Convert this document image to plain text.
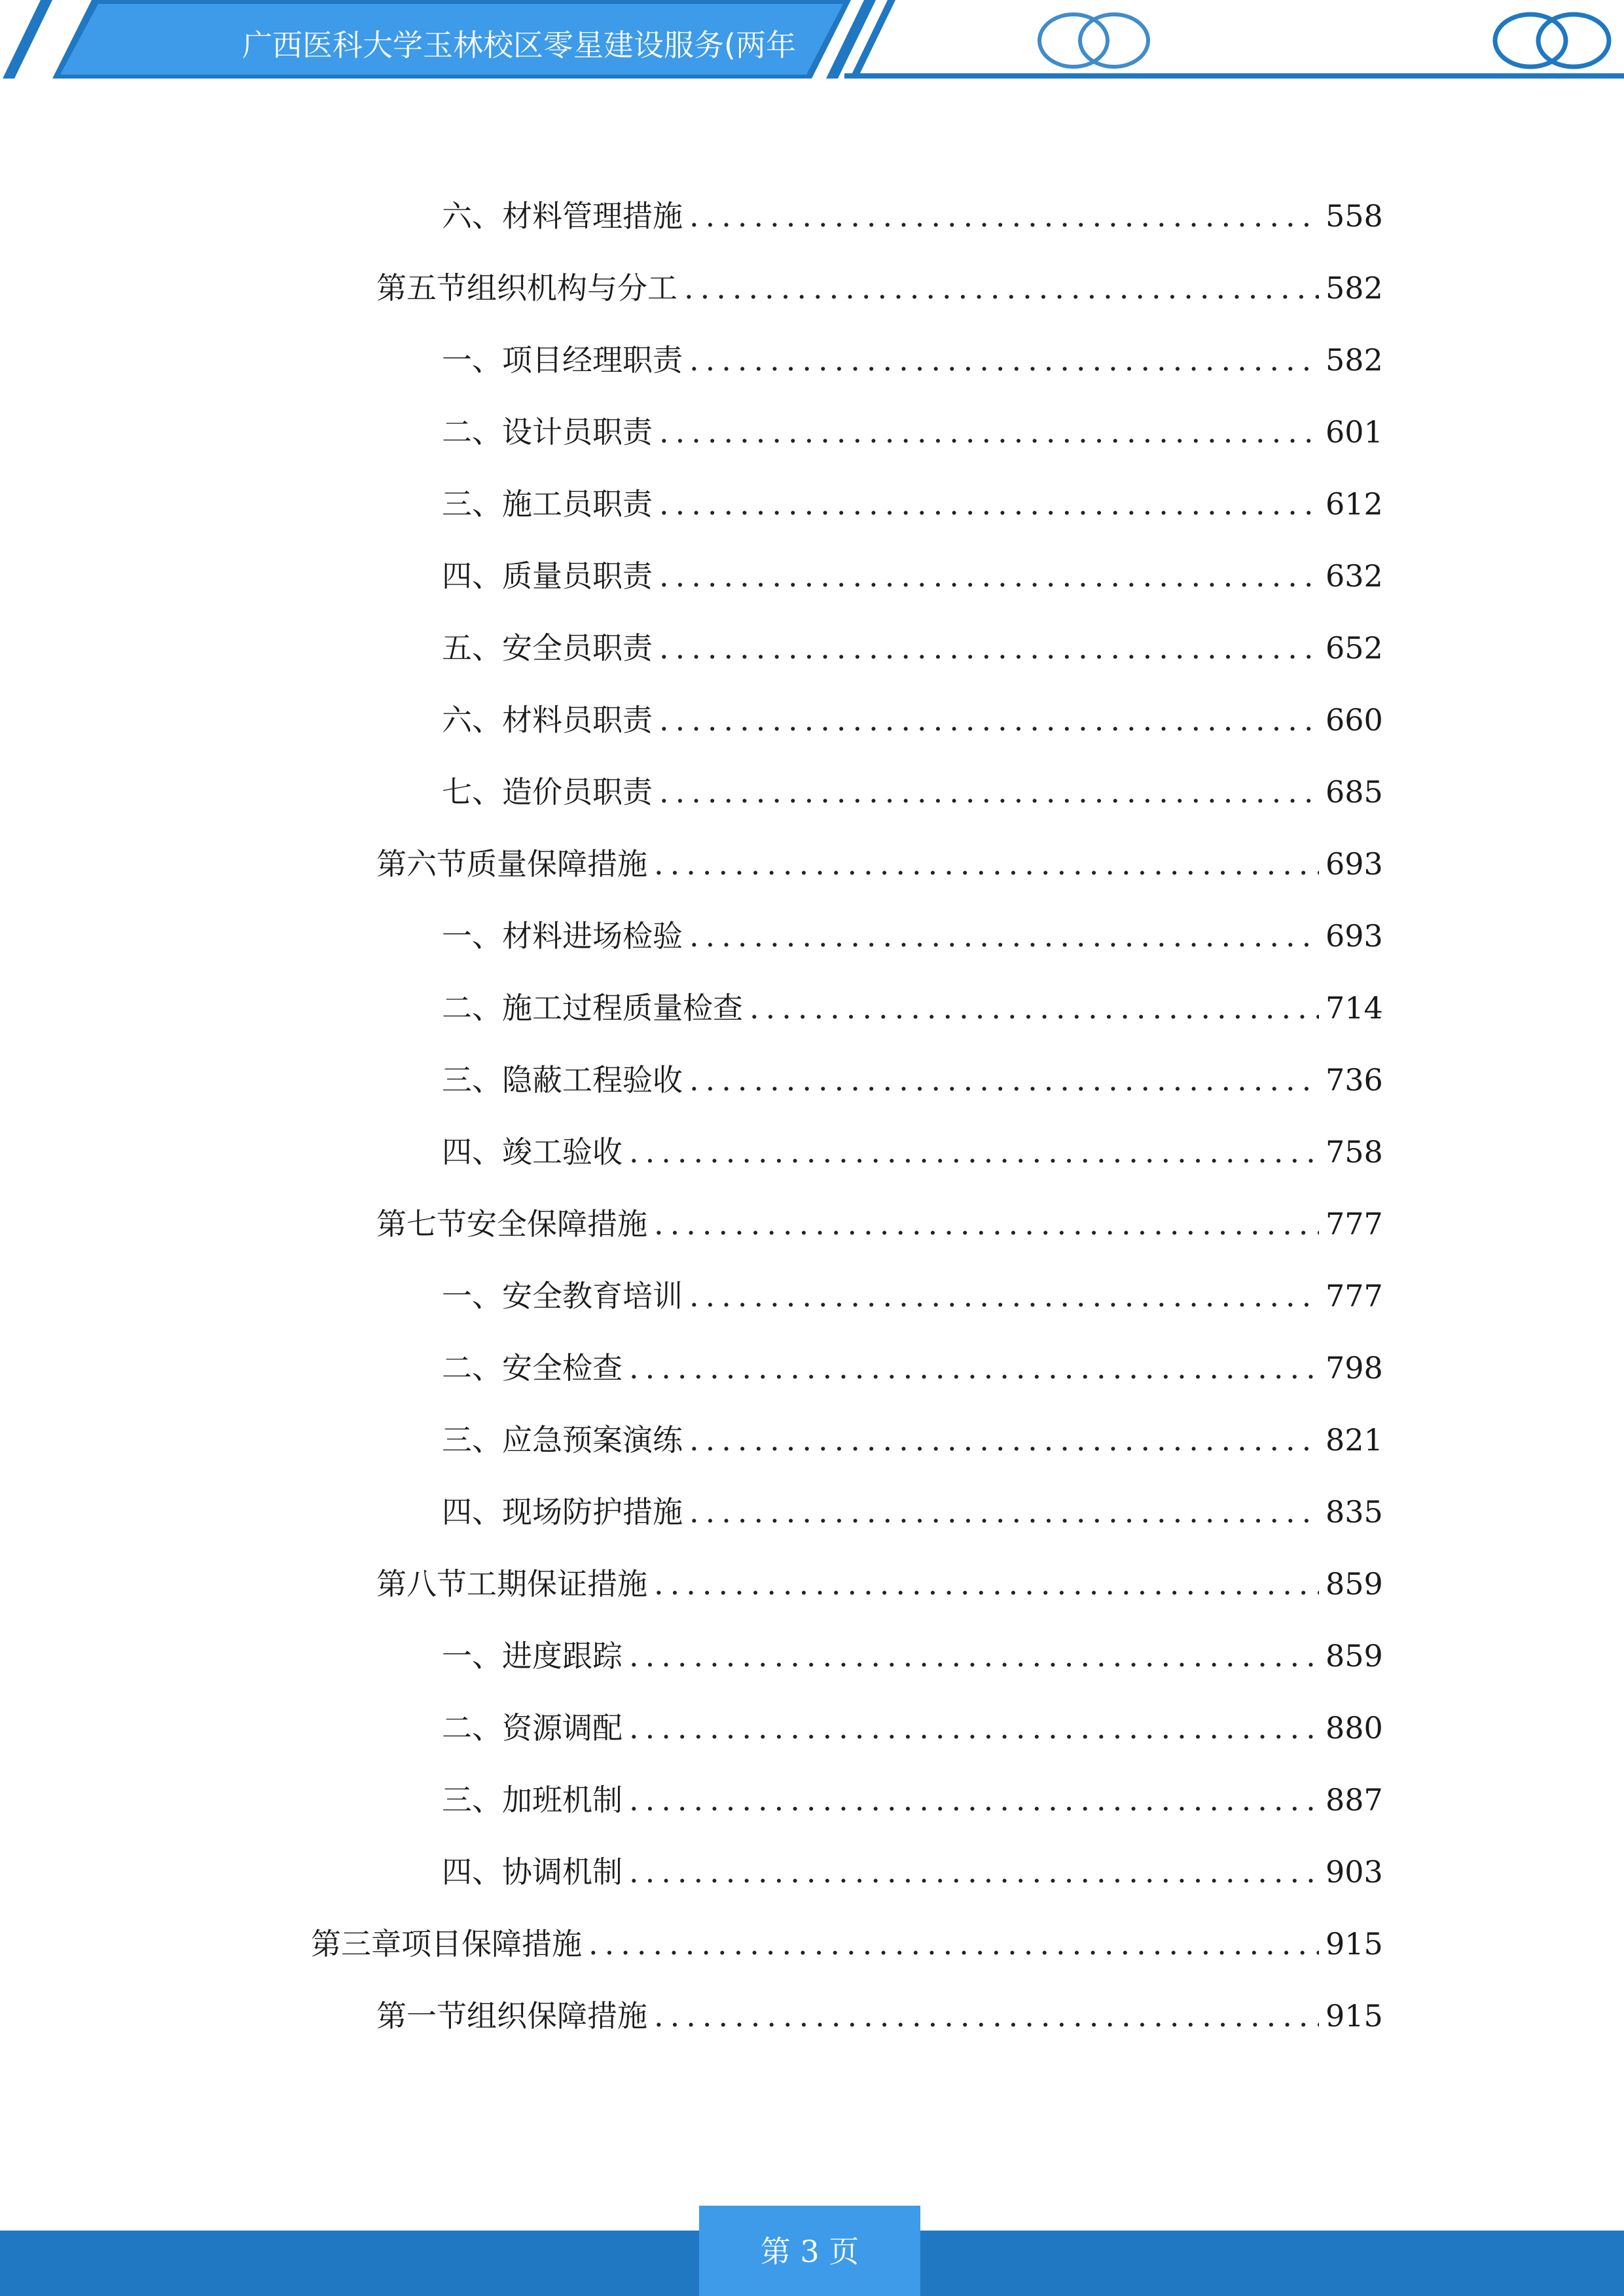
广西医科大学玉林校区零星建设服务(两年
六、 材料管理措施 .....	558
第五节 组织机构与分工 .....	582
一、 项目经理职责 .....	582
二、 设计员职责 .....	601
三、 施工员职责 .....	612
四、 质量员职责 .....	632
五、 安全员职责 .....	652
六、 材料员职责 .....	660
七、 造价员职责 .....	685
第六节 质量保障措施 .....	693
一、 材料进场检验 .....	693
二、 施工过程质量检查 .....	714
三、 隐蔽工程验收 .....	736
四、 竣工验收 .....	758
第七节 安全保障措施 .....	777
一、 安全教育培训 .....	777
二、 安全检查 .....	798
三、 应急预案演练 .....	821
四、 现场防护措施 .....	835
第八节 工期保证措施 .....	859
一、 进度跟踪 .....	859
二、 资源调配 .....	880
三、 加班机制 .....	887
四、 协调机制 .....	903
第三章 项目保障措施 .....	915
第一节 组织保障措施 .....	915
第 3 页
